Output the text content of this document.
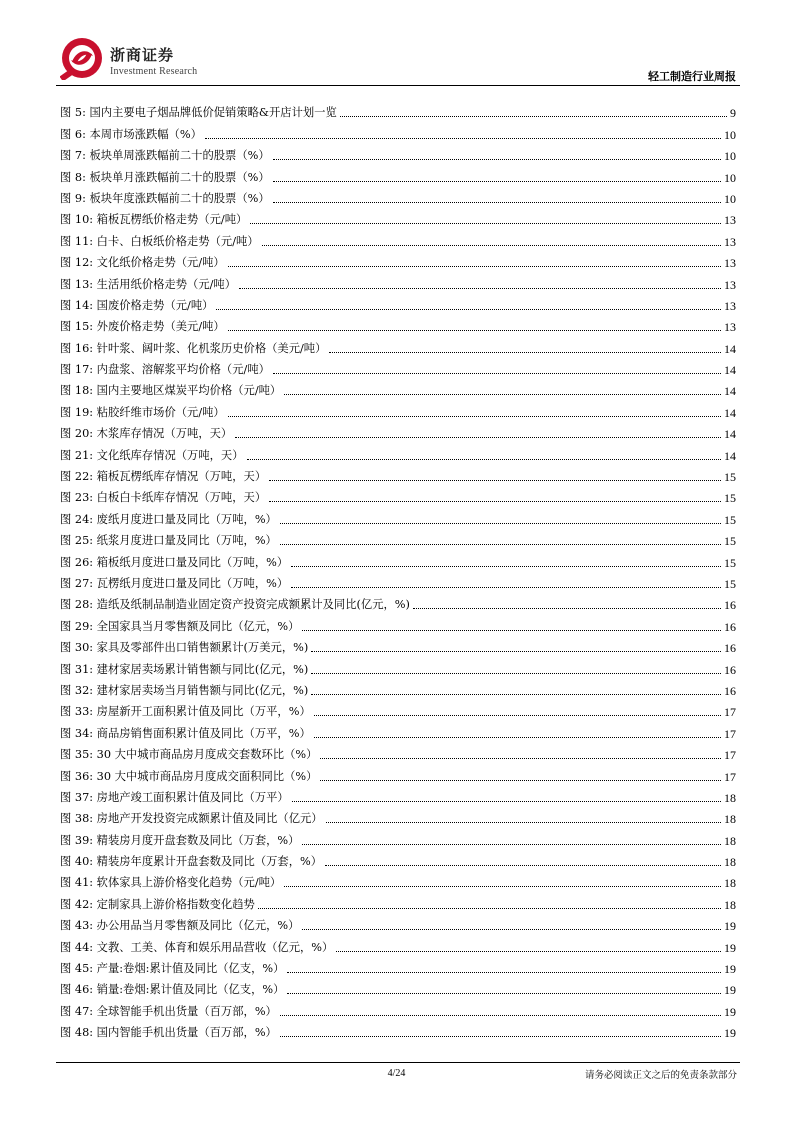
浙商证券
Investment Research	轻工制造行业周报
图 5: 国内主要电子烟品牌低价促销策略&开店计划一览	9
图 6: 本周市场涨跌幅（%）	10
图 7: 板块单周涨跌幅前二十的股票（%）	10
图 8: 板块单月涨跌幅前二十的股票（%）	10
图 9: 板块年度涨跌幅前二十的股票（%）	10
图 10: 箱板瓦楞纸价格走势（元/吨）	13
图 11: 白卡、白板纸价格走势（元/吨）	13
图 12: 文化纸价格走势（元/吨）	13
图 13: 生活用纸价格走势（元/吨）	13
图 14: 国废价格走势（元/吨）	13
图 15: 外废价格走势（美元/吨）	13
图 16: 针叶浆、阔叶浆、化机浆历史价格（美元/吨）	14
图 17: 内盘浆、溶解浆平均价格（元/吨）	14
图 18: 国内主要地区煤炭平均价格（元/吨）	14
图 19: 粘胶纤维市场价（元/吨）	14
图 20: 木浆库存情况（万吨，天）	14
图 21: 文化纸库存情况（万吨，天）	14
图 22: 箱板瓦楞纸库存情况（万吨，天）	15
图 23: 白板白卡纸库存情况（万吨，天）	15
图 24: 废纸月度进口量及同比（万吨，%）	15
图 25: 纸浆月度进口量及同比（万吨，%）	15
图 26: 箱板纸月度进口量及同比（万吨，%）	15
图 27: 瓦楞纸月度进口量及同比（万吨，%）	15
图 28: 造纸及纸制品制造业固定资产投资完成额累计及同比(亿元，%)	16
图 29: 全国家具当月零售额及同比（亿元，%）	16
图 30: 家具及零部件出口销售额累计(万美元，%)	16
图 31: 建材家居卖场累计销售额与同比(亿元，%)	16
图 32: 建材家居卖场当月销售额与同比(亿元，%)	16
图 33: 房屋新开工面积累计值及同比（万平，%）	17
图 34: 商品房销售面积累计值及同比（万平，%）	17
图 35: 30 大中城市商品房月度成交套数环比（%）	17
图 36: 30 大中城市商品房月度成交面积同比（%）	17
图 37: 房地产竣工面积累计值及同比（万平）	18
图 38: 房地产开发投资完成额累计值及同比（亿元）	18
图 39: 精装房月度开盘套数及同比（万套，%）	18
图 40: 精装房年度累计开盘套数及同比（万套，%）	18
图 41: 软体家具上游价格变化趋势（元/吨）	18
图 42: 定制家具上游价格指数变化趋势	18
图 43: 办公用品当月零售额及同比（亿元，%）	19
图 44: 文教、工美、体育和娱乐用品营收（亿元，%）	19
图 45: 产量:卷烟:累计值及同比（亿支，%）	19
图 46: 销量:卷烟:累计值及同比（亿支，%）	19
图 47: 全球智能手机出货量（百万部，%）	19
图 48: 国内智能手机出货量（百万部，%）	19
4/24	请务必阅读正文之后的免责条款部分
